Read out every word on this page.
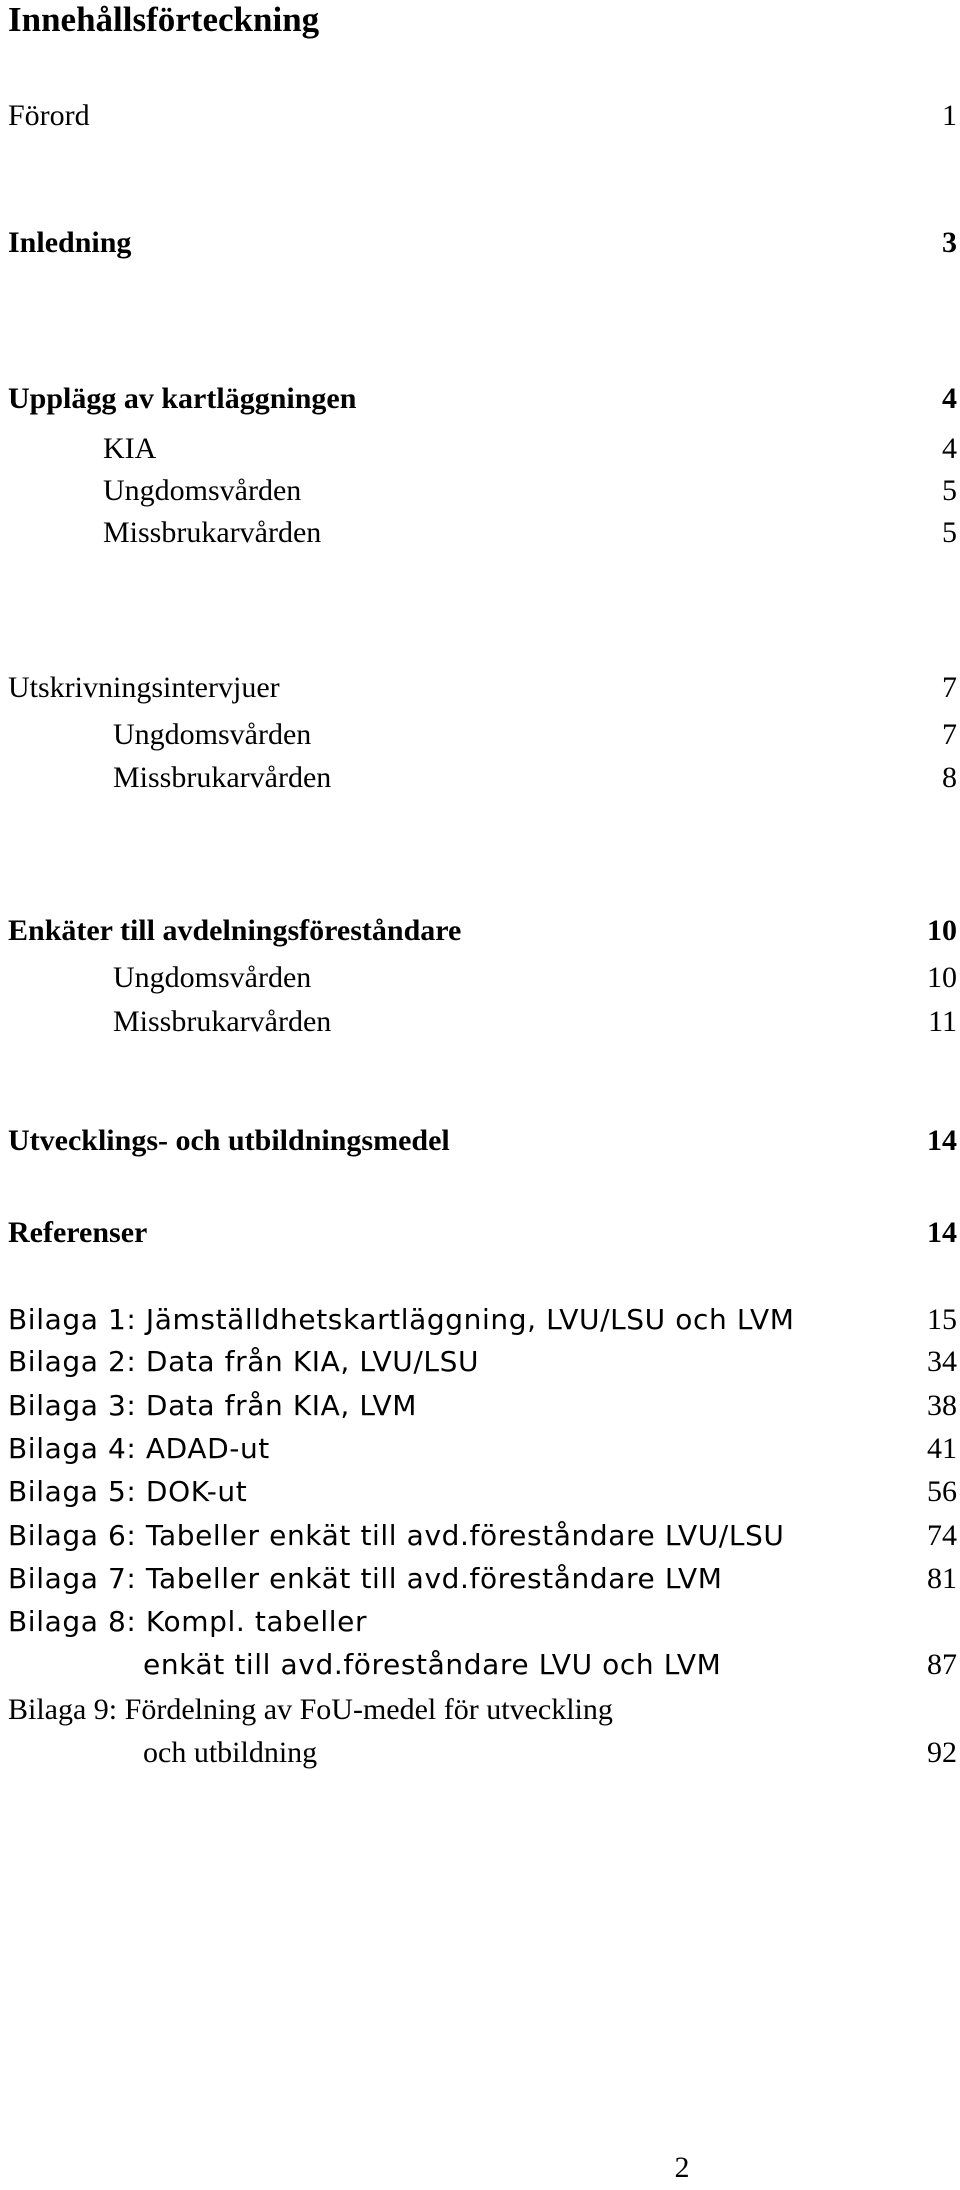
Innehållsförteckning
Förord	1
Inledning	3
Upplägg av kartläggningen	4
KIA	4
Ungdomsvården	5
Missbrukarvården	5
Utskrivningsintervjuer	7
Ungdomsvården	7
Missbrukarvården	8
Enkäter till avdelningsföreståndare	10
Ungdomsvården	10
Missbrukarvården	11
Utvecklings- och utbildningsmedel	14
Referenser	14
Bilaga 1: Jämställdhetskartläggning, LVU/LSU och LVM	15
Bilaga 2: Data från KIA, LVU/LSU	34
Bilaga 3: Data från KIA, LVM	38
Bilaga 4: ADAD-ut	41
Bilaga 5: DOK-ut	56
Bilaga 6: Tabeller enkät till avd.föreståndare LVU/LSU	74
Bilaga 7: Tabeller enkät till avd.föreståndare LVM	81
Bilaga 8: Kompl. tabeller
enkät till avd.föreståndare LVU och LVM	87
Bilaga 9: Fördelning av FoU-medel för utveckling
och utbildning	92
2
